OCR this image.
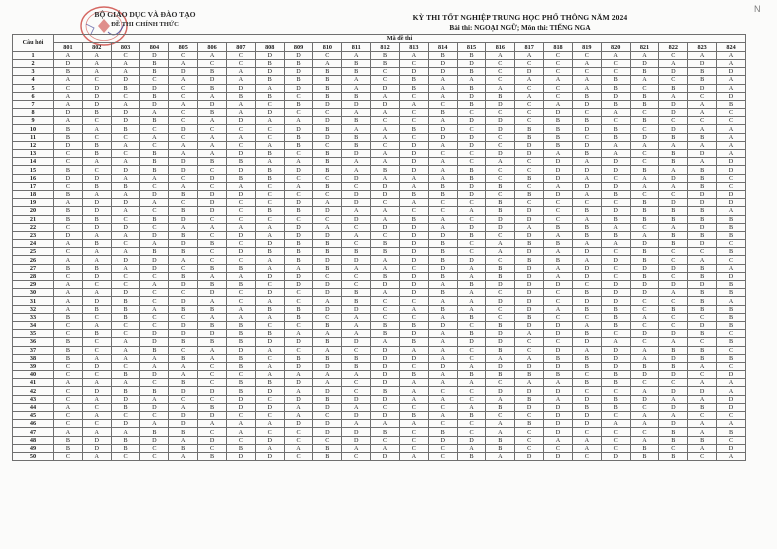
N
BỘ GIÁO DỤC VÀ ĐÀO TẠO
ĐỀ THI CHÍNH THỨC
KỲ THI TỐT NGHIỆP TRUNG HỌC PHỔ THÔNG NĂM 2024
Bài thi: NGOẠI NGỮ; Môn thi: TIẾNG NGA
Câu hỏi	Mã đề thi																							
	801	802	803	804	805	806	807	808	809	810	811	812	813	814	815	816	817	818	819	820	821	822	823	824
1	A	A	C	D	C	A	C	D	D	C	A	B	A	B	B	A	A	C	C	A	A	C	A	A
2	D	A	A	B	A	C	C	B	B	A	B	B	C	D	D	C	C	C	A	C	D	A	D	A
3	B	A	A	B	D	B	A	D	D	B	B	C	D	D	B	C	D	C	C	C	B	D	B	D
4	A	C	D	C	A	D	A	B	B	B	A	C	B	A	A	C	A	A	A	B	A	C	B	A
5	C	D	B	D	C	B	D	A	D	B	A	D	B	A	B	A	C	C	A	B	C	B	D	A
6	A	D	C	B	C	A	B	B	C	B	B	A	C	A	D	B	A	C	B	D	B	A	C	D
7	A	D	A	D	A	D	A	C	B	D	D	D	A	C	B	D	C	A	D	B	B	D	A	B
8	D	B	D	A	C	B	A	D	C	C	A	A	C	B	C	C	C	D	C	A	C	D	A	C
9	A	C	D	B	C	A	D	A	A	D	B	C	C	A	D	D	C	B	B	C	B	C	C	C
10	B	A	B	C	D	C	C	C	D	B	A	A	B	D	C	D	B	B	D	B	C	D	A	A
11	B	C	C	A	C	A	A	C	B	D	B	A	C	D	D	C	B	B	C	B	D	B	B	A
12	D	B	A	C	A	A	C	A	B	C	B	C	D	A	D	C	D	B	D	A	A	A	A	A
13	C	B	C	B	A	A	D	B	C	B	D	A	D	C	C	D	D	A	B	A	C	B	D	A
14	C	A	A	B	D	B	B	A	A	B	A	A	D	A	C	A	C	D	A	D	C	B	A	D
15	B	C	D	B	D	C	D	B	D	B	A	B	D	A	B	C	C	D	D	D	B	A	B	D
16	D	D	A	A	C	D	B	B	C	C	D	A	A	A	B	C	B	D	A	C	A	D	B	C
17	C	B	B	C	A	C	A	C	A	B	C	D	A	B	D	B	C	A	D	D	A	A	B	C
18	B	A	A	D	B	D	D	C	C	C	D	D	B	B	D	C	B	D	A	B	C	C	D	D
19	A	D	D	A	C	D	C	C	D	A	D	C	A	C	C	B	C	C	C	C	B	D	D	D
20	B	D	A	C	B	D	C	B	B	D	A	A	C	C	A	B	D	C	B	D	B	B	B	A
21	B	B	C	B	D	C	C	C	C	C	D	A	B	A	C	D	D	C	A	B	B	B	B	B
22	C	D	D	C	A	A	A	A	D	A	C	D	D	A	D	D	A	B	B	A	C	A	D	B
23	D	A	A	D	B	C	D	A	D	D	A	C	D	D	B	C	D	A	B	B	A	B	B	B
24	A	B	C	A	D	B	C	D	B	B	C	B	D	B	C	A	B	B	A	A	D	B	D	C
25	C	A	A	B	B	C	D	B	B	B	B	B	D	B	C	A	D	A	D	C	B	C	C	B
26	A	A	D	D	A	C	C	A	B	D	D	A	D	B	D	C	B	B	A	D	B	C	A	C
27	B	B	A	D	C	B	B	A	A	B	A	A	C	D	A	B	D	A	D	C	D	D	B	A
28	C	D	C	C	B	A	A	D	D	C	C	B	D	B	A	B	D	A	D	C	B	C	B	D
29	A	C	C	A	D	B	B	C	D	D	C	D	D	A	B	D	D	D	C	D	D	D	D	B
30	A	A	D	C	C	D	C	D	C	D	B	A	D	B	A	C	D	C	B	D	D	A	B	B
31	A	D	B	C	D	A	C	A	C	A	B	C	C	A	A	D	D	C	D	D	C	C	B	A
32	A	B	B	A	B	B	A	B	B	D	D	C	A	B	A	C	D	A	B	B	C	B	B	B
33	B	C	B	C	C	A	A	A	B	C	A	C	C	A	B	C	B	C	C	B	A	C	C	B
34	C	A	C	C	D	B	B	C	C	B	A	B	B	D	C	B	D	D	A	B	C	C	D	B
35	C	B	C	D	D	D	B	B	A	A	A	B	D	A	B	D	A	D	B	C	D	D	B	C
36	B	C	A	D	B	B	B	D	D	B	D	A	B	A	D	D	C	C	D	A	C	A	C	B
37	B	C	A	B	C	A	D	A	C	A	C	D	A	A	C	B	C	D	A	D	A	B	B	C
38	B	A	A	A	B	A	B	C	B	B	B	D	D	A	C	A	A	B	B	D	A	D	B	B
39	C	D	C	A	A	C	B	A	D	D	B	D	C	D	A	D	D	D	B	D	B	B	A	C
40	C	C	B	D	A	C	C	A	A	A	A	D	B	A	B	B	B	B	C	B	D	D	C	D
41	A	A	A	C	B	C	B	B	D	A	C	D	A	A	A	C	A	A	B	B	C	C	A	A
42	C	D	B	B	D	D	B	D	A	D	C	B	A	C	C	D	D	D	C	C	A	D	D	A
43	C	A	D	A	C	C	D	C	D	B	D	D	A	A	C	A	B	A	D	B	D	A	A	D
44	A	C	B	D	A	B	D	D	A	D	A	C	C	C	A	B	D	D	B	B	C	D	B	D
45	C	A	C	C	D	D	C	C	A	C	D	D	B	A	B	C	C	D	D	C	A	A	C	C
46	C	C	D	A	D	A	A	A	D	D	A	A	A	C	C	A	B	D	D	A	A	D	A	A
47	A	A	A	B	B	C	A	C	C	D	D	B	C	B	C	A	C	D	C	C	C	B	A	B
48	B	D	B	D	A	D	C	D	C	C	D	C	C	D	D	B	C	A	A	C	A	B	B	C
49	B	D	B	C	B	C	B	A	A	B	A	A	C	C	A	B	C	C	A	C	B	C	A	D
50	C	A	C	C	A	B	D	D	C	B	C	D	A	C	B	A	D	D	C	D	B	B	C	A
